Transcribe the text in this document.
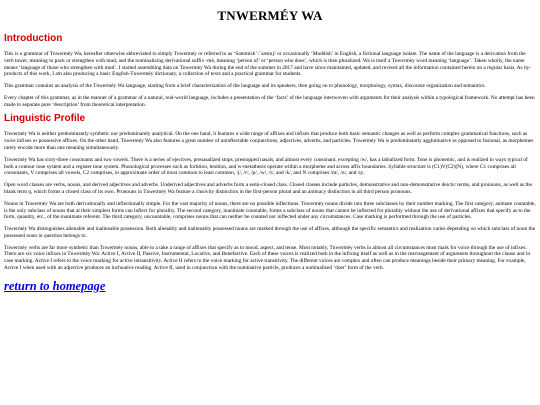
TNWERMÉY WA
Introduction

This is a grammar of Tnwermėy Wa, hereafter otherwise abbreviated to simply Tnwermėy or referred to as ‘Sammish’ /ˈsæmɪʃ/ or occasionally ‘Muddish’ in English, a fictional language isolate. The name of the language is a derivation from the verb tnwer, meaning to pack or strengthen with mud, and the nominalizing derivational suffix -mé, meaning ‘person of’ or ‘person who does’, which is then pluralized. Wa is itself a Tnwermėy word meaning ‘language’. Taken wholly, the name means ‘language of those who strengthen with mud’. I started assembling data on Tnwermėy Wa during the end of the summer in 2017 and have since maintained, updated, and revised all the information contained herein on a regular basis. As by-products of this work, I am also producing a basic English-Tnwermėy dictionary, a collection of texts and a practical grammar for students.

This grammar contains an analysis of the Tnwermėy Wa language, starting from a brief characterization of the language and its speakers, then going on to phonology, morphology, syntax, discourse organization and semantics.

Every chapter of this grammar, as in the manner of a grammar of a natural, real-world language, includes a presentation of the ‘facts’ of the language interwoven with arguments for their analysis within a typological framework. No attempt has been made to separate pure ‘description’ from theoretical interpretation.

Linguistic Profile

Tnwermėy Wa is neither predominantly synthetic nor predominantly analytical. On the one hand, it features a wide range of affixes and infixes that produce both basic semantic changes as well as perform complex grammatical functions, such as voice infixes or possessive affixes. On the other hand, Tnwermėy Wa also features a great number of uninflectable conjunctions, adjectives, adverbs, and particles. Tnwermėy Wa is predominantly agglutinative as opposed to fusional, as morphemes rarely encode more than one meaning simultaneously.

Tnwermėy Wa has sixty-three consonants and two vowels. There is a series of ejectives, prenasalized stops, prestopped nasals, and almost every consonant, excepting /w/, has a labialized form. Tone is phonemic, and is realized in ways typical of both a contour tone system and a register tone system. Phonological processes such as fortition, lenition, and w-metathesis operate within a morpheme and across affix boundaries. Syllable structure is (C1)V(C2)(N), where C1 comprises all consonants, V comprises all vowels, C2 comprises, in approximate order of most common to least common, /j/, /r/, /p/, /w/, /t/, and /k/, and N comprises /m/, /n/, and /ŋ/.

Open word classes are verbs, nouns, and derived adjectives and adverbs. Underived adjectives and adverbs form a semi-closed class. Closed classes include particles, demonstrative and non-demonstrative deictic terms, and pronouns, as well as the blank term ŋ, which forms a closed class of its own. Pronouns in Tnwermėy Wa feature a clusivity distinction in the first-person plural and an animacy distinction in all third person pronouns.

Nouns in Tnwermėy Wa are both derivationally and inflectionally simple. For the vast majority of nouns, there are no possible inflections. Tnwermėy nouns divide into three subclasses by their number marking. The first category, animate countable, is the only subclass of nouns that at their simplest forms can inflect for plurality. The second category, inanimate countable, forms a subclass of nouns that cannot be inflected for plurality without the use of derivational affixes that specify as to the form, quantity, etc., of the inanimate referent. The third category, uncountable, comprises nouns that can neither be counted nor inflected under any circumstances. Case marking is performed through the use of particles.

Tnwermėy Wa distinguishes alienable and inalienable possession. Both alienably and inalienably possessed nouns are marked through the use of affixes, although the specific semantics and realization varies depending on which subclass of noun the possessed noun in question belongs to.

Tnwermėy verbs are far more synthetic than Tnwermėy nouns, able to a take a range of affixes that specify as to mood, aspect, and tense. Most notably, Tnwermėy verbs in almost all circumstances must mark for voice through the use of infixes. There are six voice infixes in Tnwermėy Wa: Active I, Active II, Passive, Instrumental, Locative, and Benefactive. Each of these voices is realized both in the infixing itself as well as in the rearrangement of arguments throughout the clause and in case marking. Active I refers to the voice marking for active intransitivity. Active II refers to the voice marking for active transitivity. The different voices are complex and often can produce meanings beside their primary meaning. For example, Active I when used with an adjective produces an inchoative reading. Active II, used in conjunction with the nominative particle, produces a nominalized ‘doer’ form of the verb.

return to homepage
